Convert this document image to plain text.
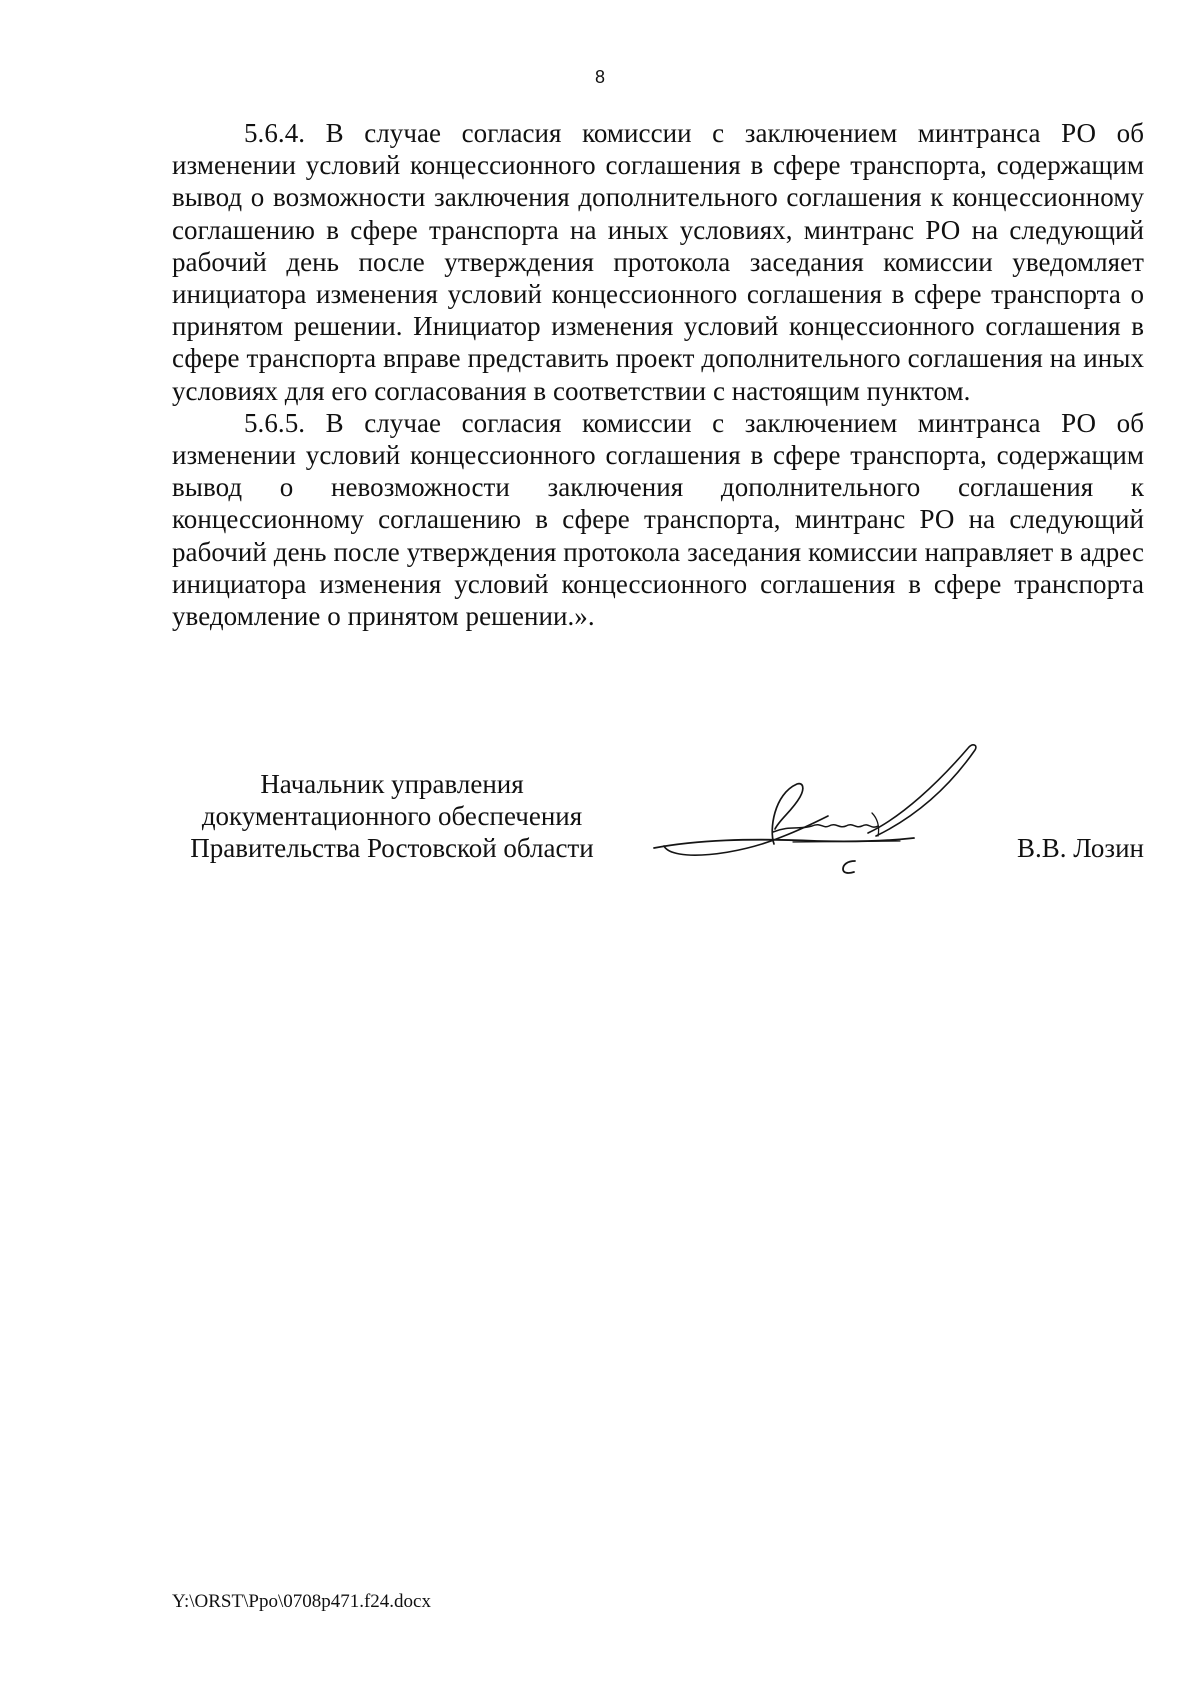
8

5.6.4. В случае согласия комиссии с заключением минтранса РО об изменении условий концессионного соглашения в сфере транспорта, содержащим вывод о возможности заключения дополнительного соглашения к концессионному соглашению в сфере транспорта на иных условиях, минтранс РО на следующий рабочий день после утверждения протокола заседания комиссии уведомляет инициатора изменения условий концессионного соглашения в сфере транспорта о принятом решении. Инициатор изменения условий концессионного соглашения в сфере транспорта вправе представить проект дополнительного соглашения на иных условиях для его согласования в соответствии с настоящим пунктом.

5.6.5. В случае согласия комиссии с заключением минтранса РО об изменении условий концессионного соглашения в сфере транспорта, содержащим вывод о невозможности заключения дополнительного соглашения к концессионному соглашению в сфере транспорта, минтранс РО на следующий рабочий день после утверждения протокола заседания комиссии направляет в адрес инициатора изменения условий концессионного соглашения в сфере транспорта уведомление о принятом решении.».

Начальник управления
документационного обеспечения
Правительства Ростовской области	В.В. Лозин
Y:\ORST\Ppo\0708p471.f24.docx
